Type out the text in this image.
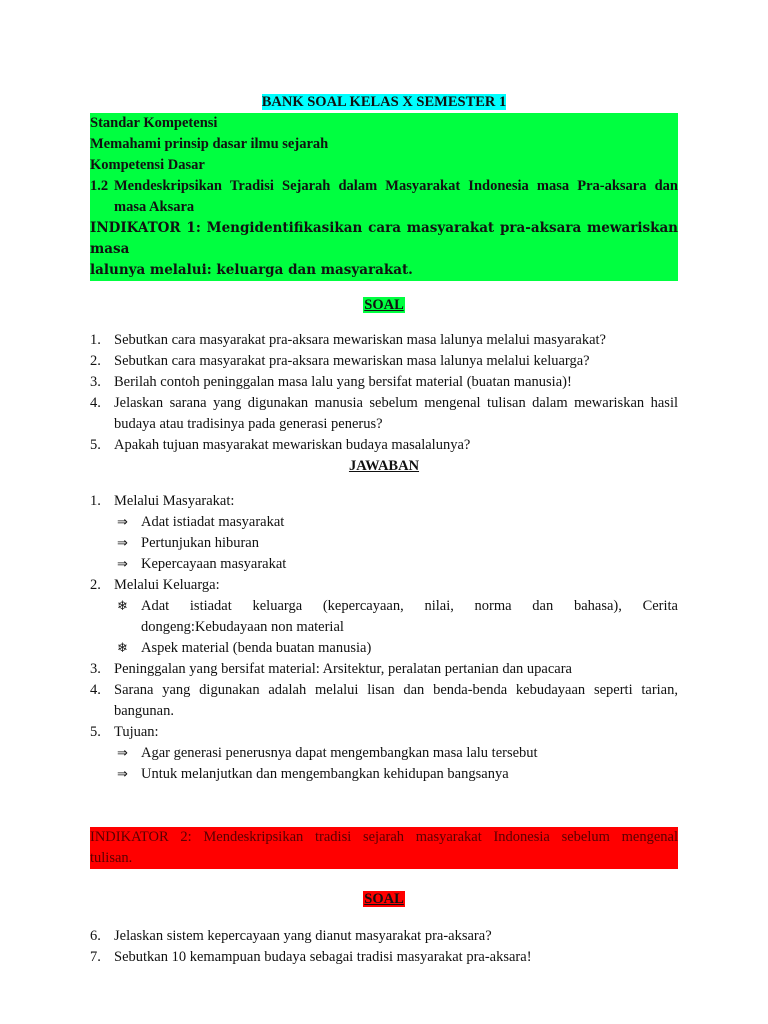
BANK SOAL KELAS X SEMESTER 1

Standar Kompetensi

Memahami prinsip dasar ilmu sejarah

Kompetensi Dasar

1.2 Mendeskripsikan Tradisi Sejarah dalam Masyarakat Indonesia masa Pra-aksara dan
masa Aksara
INDIKATOR 1: Mengidentifikasikan cara masyarakat pra-aksara mewariskan masa
lalunya melalui: keluarga dan masyarakat.

SOAL

1. Sebutkan cara masyarakat pra-aksara mewariskan masa lalunya melalui masyarakat?
2. Sebutkan cara masyarakat pra-aksara mewariskan masa lalunya melalui keluarga?
3. Berilah contoh peninggalan masa lalu yang bersifat material (buatan manusia)!
4. Jelaskan sarana yang digunakan manusia sebelum mengenal tulisan dalam mewariskan hasil
budaya atau tradisinya pada generasi penerus?
5. Apakah tujuan masyarakat mewariskan budaya masalalunya?

JAWABAN

1. Melalui Masyarakat:
⇒ Adat istiadat masyarakat
⇒ Pertunjukan hiburan
⇒ Kepercayaan masyarakat
2. Melalui Keluarga:
❄ Adat istiadat keluarga (kepercayaan, nilai, norma dan bahasa), Cerita
dongeng:Kebudayaan non material
❄ Aspek material (benda buatan manusia)
3. Peninggalan yang bersifat material: Arsitektur, peralatan pertanian dan upacara
4. Sarana yang digunakan adalah melalui lisan dan benda-benda kebudayaan seperti tarian,
bangunan.
5. Tujuan:
⇒ Agar generasi penerusnya dapat mengembangkan masa lalu tersebut
⇒ Untuk melanjutkan dan mengembangkan kehidupan bangsanya
INDIKATOR 2: Mendeskripsikan tradisi sejarah masyarakat Indonesia sebelum mengenal
tulisan.

SOAL

6. Jelaskan sistem kepercayaan yang dianut masyarakat pra-aksara?
7. Sebutkan 10 kemampuan budaya sebagai tradisi masyarakat pra-aksara!
